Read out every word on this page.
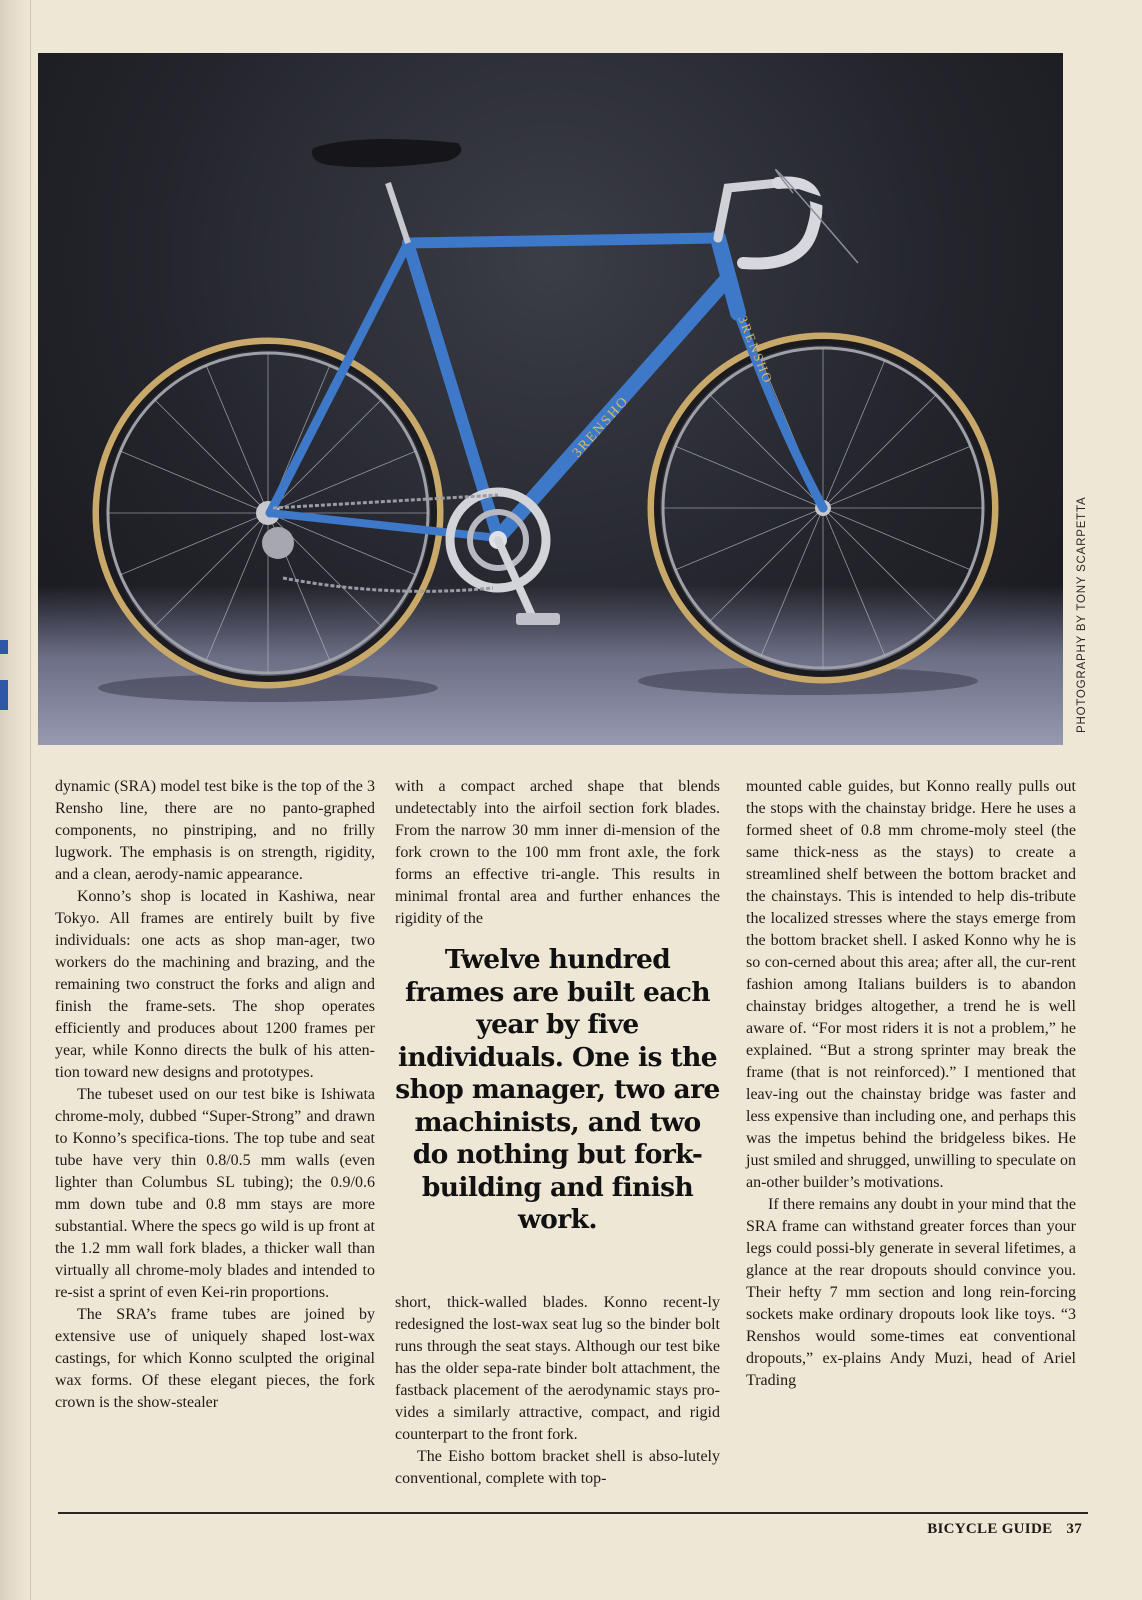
3RENSHO
3RENSHO
PHOTOGRAPHY BY TONY SCARPETTA

dynamic (SRA) model test bike is the top of the 3 Rensho line, there are no panto-graphed components, no pinstriping, and no frilly lugwork. The emphasis is on strength, rigidity, and a clean, aerody-namic appearance.

Konno’s shop is located in Kashiwa, near Tokyo. All frames are entirely built by five individuals: one acts as shop man-ager, two workers do the machining and brazing, and the remaining two construct the forks and align and finish the frame-sets. The shop operates efficiently and produces about 1200 frames per year, while Konno directs the bulk of his atten-tion toward new designs and prototypes.

The tubeset used on our test bike is Ishiwata chrome-moly, dubbed “Super-Strong” and drawn to Konno’s specifica-tions. The top tube and seat tube have very thin 0.8/0.5 mm walls (even lighter than Columbus SL tubing); the 0.9/0.6 mm down tube and 0.8 mm stays are more substantial. Where the specs go wild is up front at the 1.2 mm wall fork blades, a thicker wall than virtually all chrome-moly blades and intended to re-sist a sprint of even Kei-rin proportions.

The SRA’s frame tubes are joined by extensive use of uniquely shaped lost-wax castings, for which Konno sculpted the original wax forms. Of these elegant pieces, the fork crown is the show-stealer

with a compact arched shape that blends undetectably into the airfoil section fork blades. From the narrow 30 mm inner di-mension of the fork crown to the 100 mm front axle, the fork forms an effective tri-angle. This results in minimal frontal area and further enhances the rigidity of the

short, thick-walled blades. Konno recent-ly redesigned the lost-wax seat lug so the binder bolt runs through the seat stays. Although our test bike has the older sepa-rate binder bolt attachment, the fastback placement of the aerodynamic stays pro-vides a similarly attractive, compact, and rigid counterpart to the front fork.

The Eisho bottom bracket shell is abso-lutely conventional, complete with top-

Twelve hundred frames are built each year by five individuals. One is the shop manager, two are machinists, and two do nothing but fork-building and finish work.

mounted cable guides, but Konno really pulls out the stops with the chainstay bridge. Here he uses a formed sheet of 0.8 mm chrome-moly steel (the same thick-ness as the stays) to create a streamlined shelf between the bottom bracket and the chainstays. This is intended to help dis-tribute the localized stresses where the stays emerge from the bottom bracket shell. I asked Konno why he is so con-cerned about this area; after all, the cur-rent fashion among Italians builders is to abandon chainstay bridges altogether, a trend he is well aware of. “For most riders it is not a problem,” he explained. “But a strong sprinter may break the frame (that is not reinforced).” I mentioned that leav-ing out the chainstay bridge was faster and less expensive than including one, and perhaps this was the impetus behind the bridgeless bikes. He just smiled and shrugged, unwilling to speculate on an-other builder’s motivations.

If there remains any doubt in your mind that the SRA frame can withstand greater forces than your legs could possi-bly generate in several lifetimes, a glance at the rear dropouts should convince you. Their hefty 7 mm section and long rein-forcing sockets make ordinary dropouts look like toys. “3 Renshos would some-times eat conventional dropouts,” ex-plains Andy Muzi, head of Ariel Trading

BICYCLE GUIDE 37
